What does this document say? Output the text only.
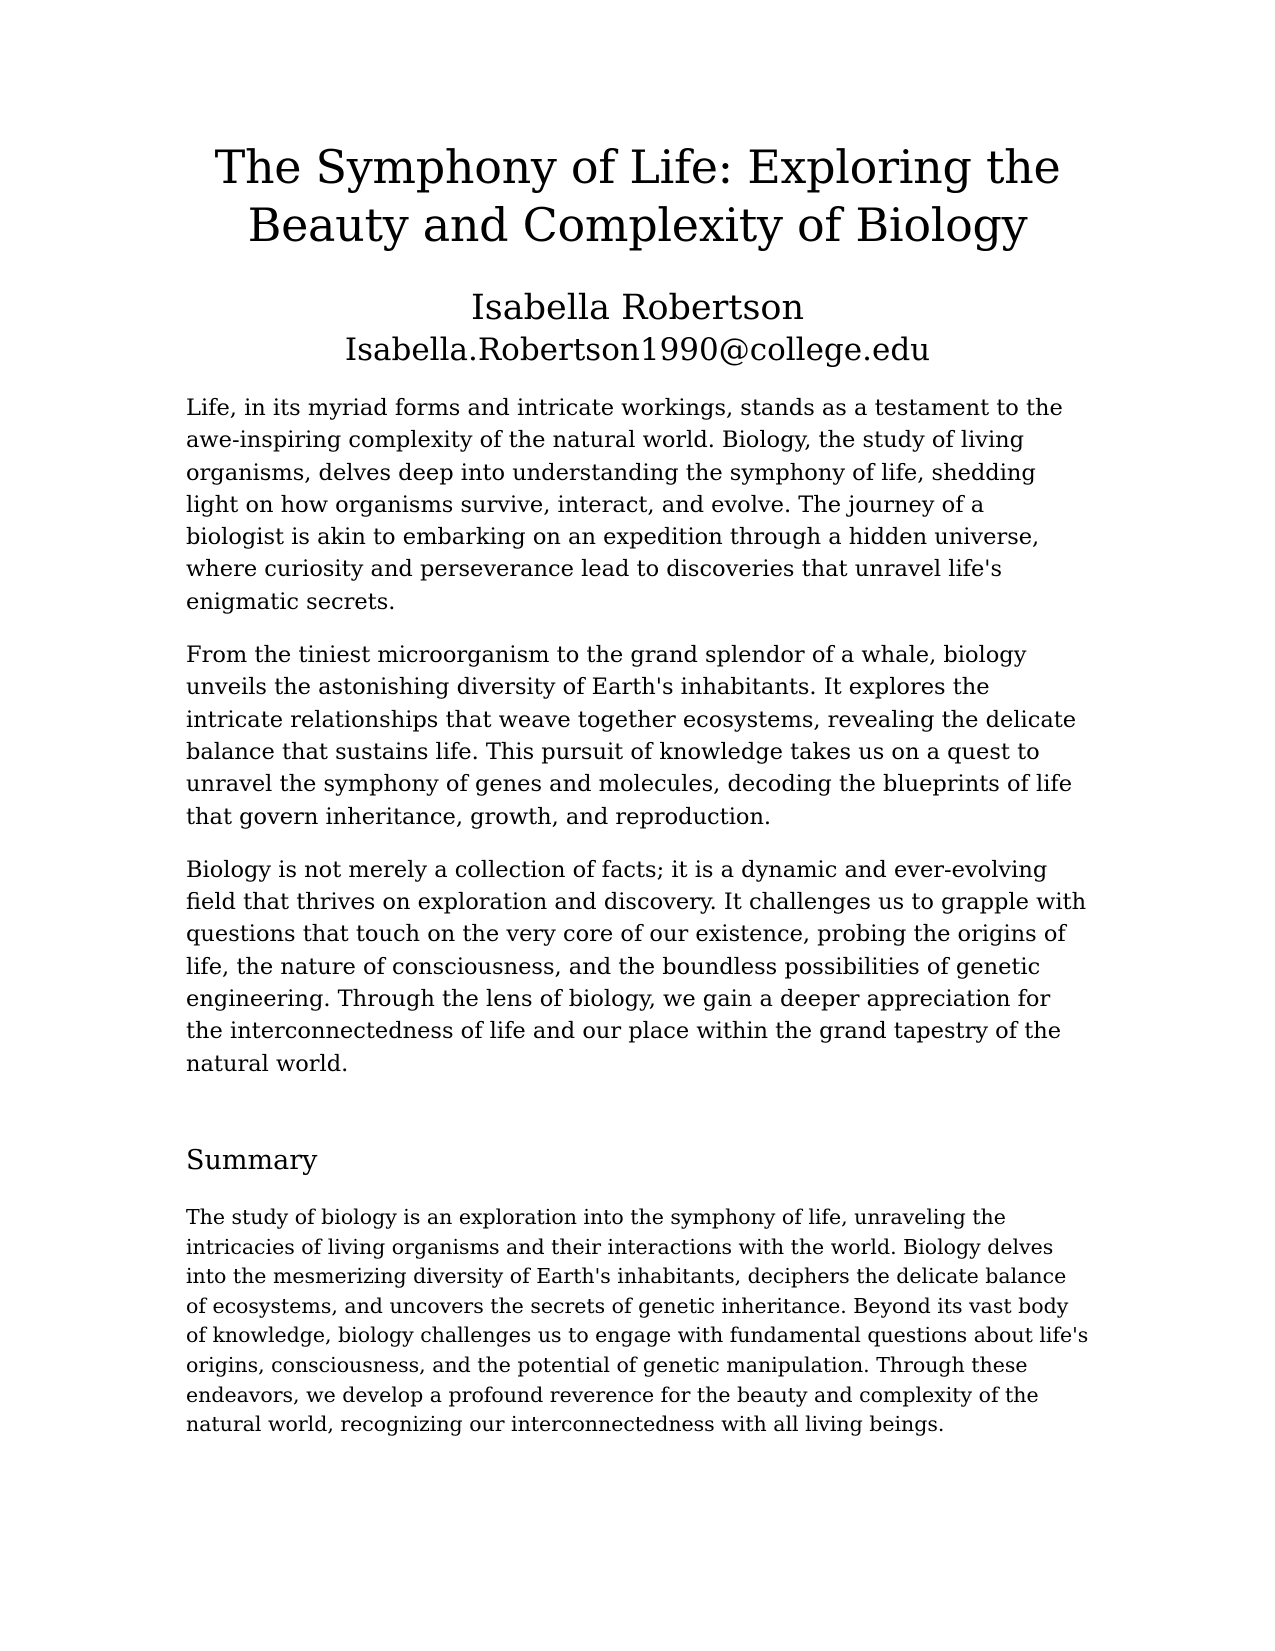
The Symphony of Life: Exploring the Beauty and Complexity of Biology
Isabella Robertson
Isabella.Robertson1990@college.edu

Life, in its myriad forms and intricate workings, stands as a testament to the awe-inspiring complexity of the natural world. Biology, the study of living organisms, delves deep into understanding the symphony of life, shedding light on how organisms survive, interact, and evolve. The journey of a biologist is akin to embarking on an expedition through a hidden universe, where curiosity and perseverance lead to discoveries that unravel life's enigmatic secrets.

From the tiniest microorganism to the grand splendor of a whale, biology unveils the astonishing diversity of Earth's inhabitants. It explores the intricate relationships that weave together ecosystems, revealing the delicate balance that sustains life. This pursuit of knowledge takes us on a quest to unravel the symphony of genes and molecules, decoding the blueprints of life that govern inheritance, growth, and reproduction.

Biology is not merely a collection of facts; it is a dynamic and ever-evolving field that thrives on exploration and discovery. It challenges us to grapple with questions that touch on the very core of our existence, probing the origins of life, the nature of consciousness, and the boundless possibilities of genetic engineering. Through the lens of biology, we gain a deeper appreciation for the interconnectedness of life and our place within the grand tapestry of the natural world.

Summary

The study of biology is an exploration into the symphony of life, unraveling the intricacies of living organisms and their interactions with the world. Biology delves into the mesmerizing diversity of Earth's inhabitants, deciphers the delicate balance of ecosystems, and uncovers the secrets of genetic inheritance. Beyond its vast body of knowledge, biology challenges us to engage with fundamental questions about life's origins, consciousness, and the potential of genetic manipulation. Through these endeavors, we develop a profound reverence for the beauty and complexity of the natural world, recognizing our interconnectedness with all living beings.
